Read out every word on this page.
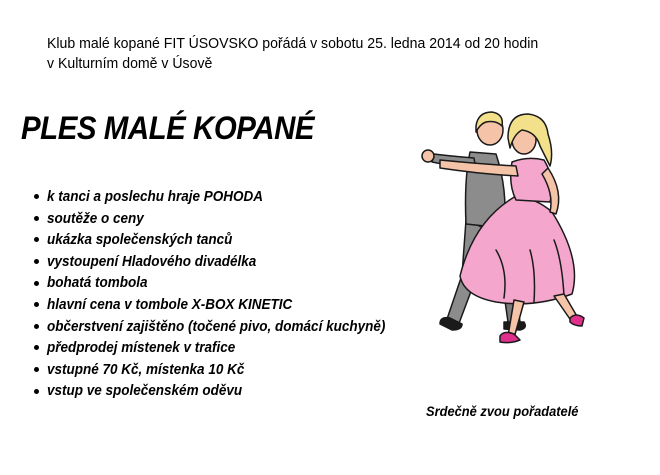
Klub malé kopané FIT ÚSOVSKO pořádá v sobotu 25. ledna 2014 od 20 hodin
v Kulturním domě v Úsově
PLES MALÉ KOPANÉ
k tanci a poslechu hraje POHODA
soutěže o ceny
ukázka společenských tanců
vystoupení Hladového divadélka
bohatá tombola
hlavní cena v tombole X-BOX KINETIC
občerstvení zajištěno (točené pivo, domácí kuchyně)
předprodej místenek v trafice
vstupné 70 Kč, místenka 10 Kč
vstup ve společenském oděvu
Srdečně zvou pořadatelé
